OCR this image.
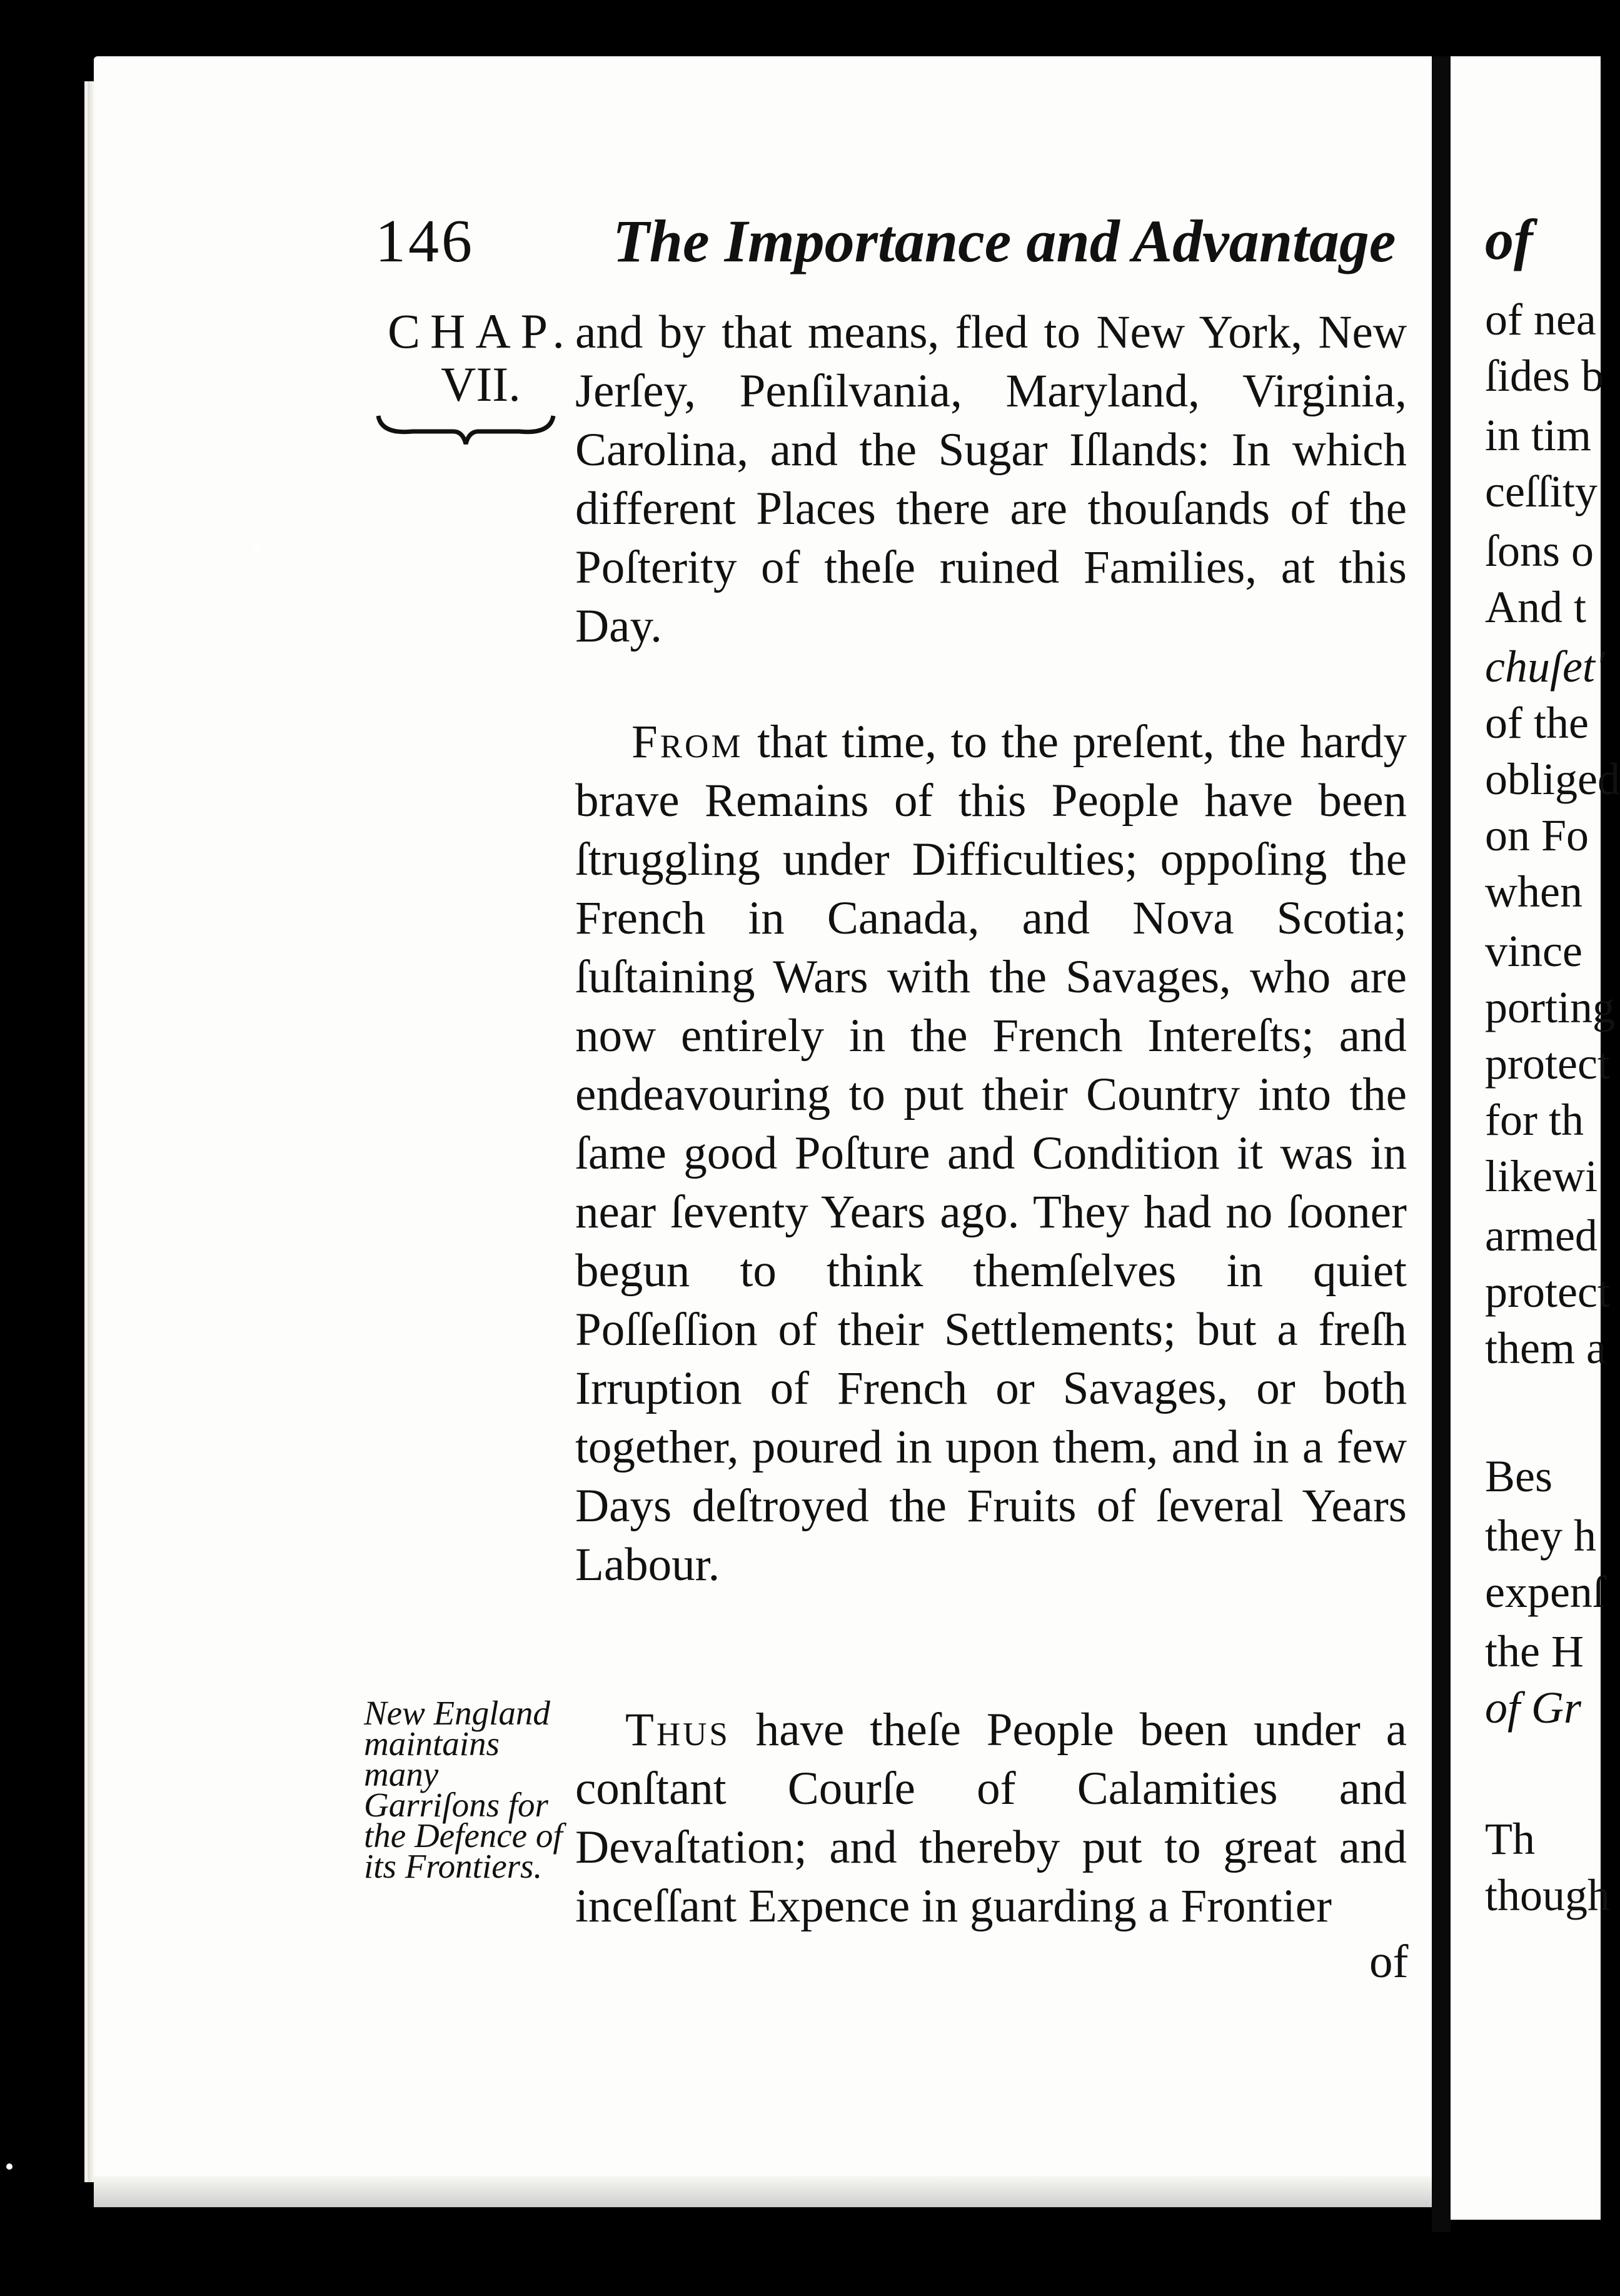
146 The Importance and Advantage
CHAP.
VII.
and by that means, fled to New York, New Jerſey, Penſilvania, Maryland, Virginia, Carolina, and the Sugar Iſlands: In which different Places there are thouſands of the Poſterity of theſe ruined Families, at this Day.
From that time, to the preſent, the hardy brave Remains of this People have been ſtruggling under Difficulties; oppoſing the French in Canada, and Nova Scotia; ſuſtaining Wars with the Savages, who are now entirely in the French Intereſts; and endeavouring to put their Country into the ſame good Poſture and Condition it was in near ſeventy Years ago. They had no ſooner begun to think themſelves in quiet Poſſeſſion of their Settlements; but a freſh Irruption of French or Savages, or both together, poured in upon them, and in a few Days deſtroyed the Fruits of ſeveral Years Labour.
New England maintains many Garriſons for the Defence of its Frontiers.
Thus have theſe People been under a conſtant Courſe of Calamities and Devaſtation; and thereby put to great and inceſſant Expence in guarding a Frontier
of
of
of nea
ſides b
in tim
ceſſity
ſons o
And t
chuſet'
of the
obliged
on Fo
when
vince
porting
protect
for th
likewi
armed
protect
them a
Bes
they h
expenſ
the H
of Gr
Th
though
